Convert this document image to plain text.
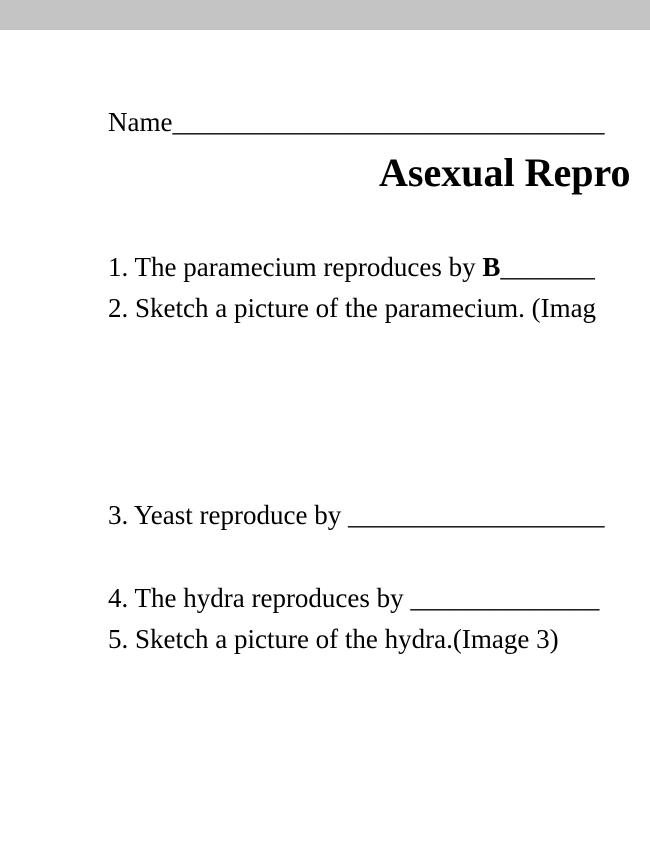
Name________________________________
Asexual Repro
1. The paramecium reproduces by B_______
2. Sketch a picture of the paramecium. (Imag
3. Yeast reproduce by ___________________
4. The hydra reproduces by ______________
5. Sketch a picture of the hydra.(Image 3)
